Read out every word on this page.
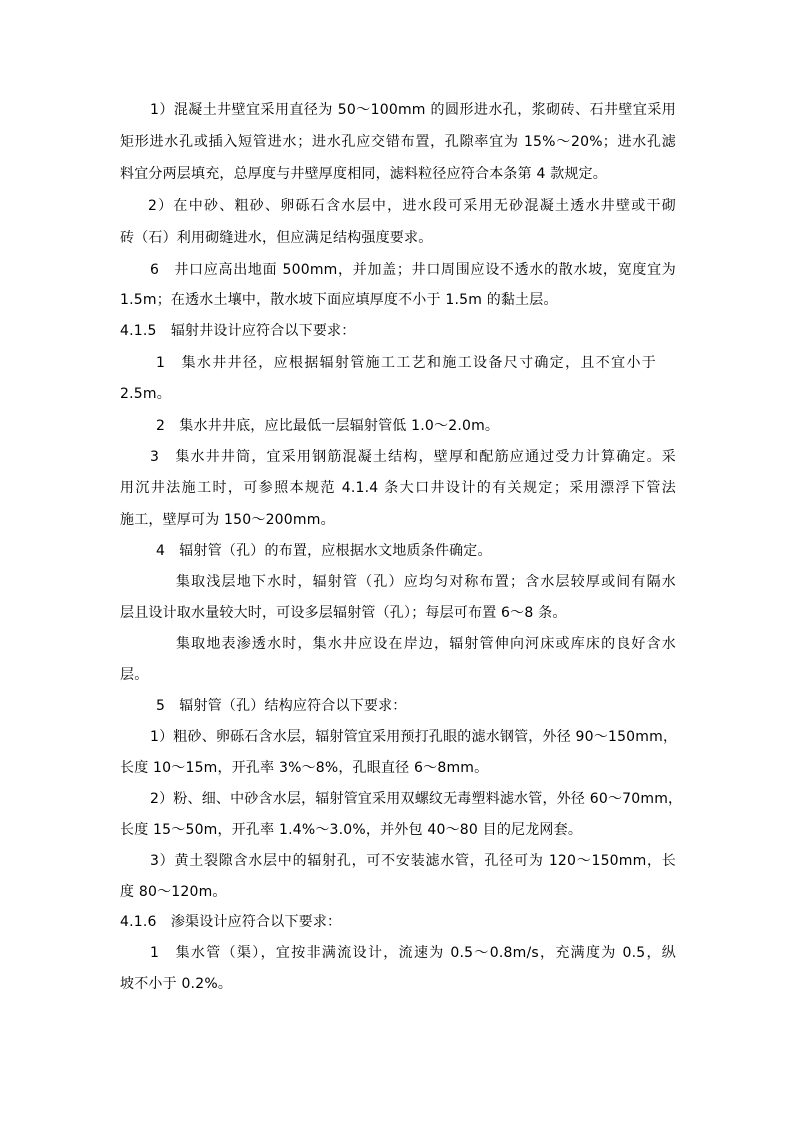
1）混凝土井壁宜采用直径为 50～100mm 的圆形进水孔，浆砌砖、石井壁宜采用
矩形进水孔或插入短管进水；进水孔应交错布置，孔隙率宜为 15%～20%；进水孔滤
料宜分两层填充，总厚度与井壁厚度相同，滤料粒径应符合本条第 4 款规定。
2）在中砂、粗砂、卵砾石含水层中，进水段可采用无砂混凝土透水井壁或干砌
砖（石）利用砌缝进水，但应满足结构强度要求。
6　井口应高出地面 500mm，并加盖；井口周围应设不透水的散水坡，宽度宜为
1.5m；在透水土壤中，散水坡下面应填厚度不小于 1.5m 的黏土层。
4.1.5　辐射井设计应符合以下要求：
1　集水井井径，应根据辐射管施工工艺和施工设备尺寸确定，且不宜小于
2.5m。
2　集水井井底，应比最低一层辐射管低 1.0～2.0m。
3　集水井井筒，宜采用钢筋混凝土结构，壁厚和配筋应通过受力计算确定。采
用沉井法施工时，可参照本规范 4.1.4 条大口井设计的有关规定；采用漂浮下管法
施工，壁厚可为 150～200mm。
4　辐射管（孔）的布置，应根据水文地质条件确定。
集取浅层地下水时，辐射管（孔）应均匀对称布置；含水层较厚或间有隔水
层且设计取水量较大时，可设多层辐射管（孔）；每层可布置 6～8 条。
集取地表渗透水时，集水井应设在岸边，辐射管伸向河床或库床的良好含水
层。
5　辐射管（孔）结构应符合以下要求：
1）粗砂、卵砾石含水层，辐射管宜采用预打孔眼的滤水钢管，外径 90～150mm，
长度 10～15m，开孔率 3%～8%，孔眼直径 6～8mm。
2）粉、细、中砂含水层，辐射管宜采用双螺纹无毒塑料滤水管，外径 60～70mm，
长度 15～50m，开孔率 1.4%～3.0%，并外包 40～80 目的尼龙网套。
3）黄土裂隙含水层中的辐射孔，可不安装滤水管，孔径可为 120～150mm，长
度 80～120m。
4.1.6　渗渠设计应符合以下要求：
1　集水管（渠），宜按非满流设计，流速为 0.5～0.8m/s，充满度为 0.5，纵
坡不小于 0.2%。
